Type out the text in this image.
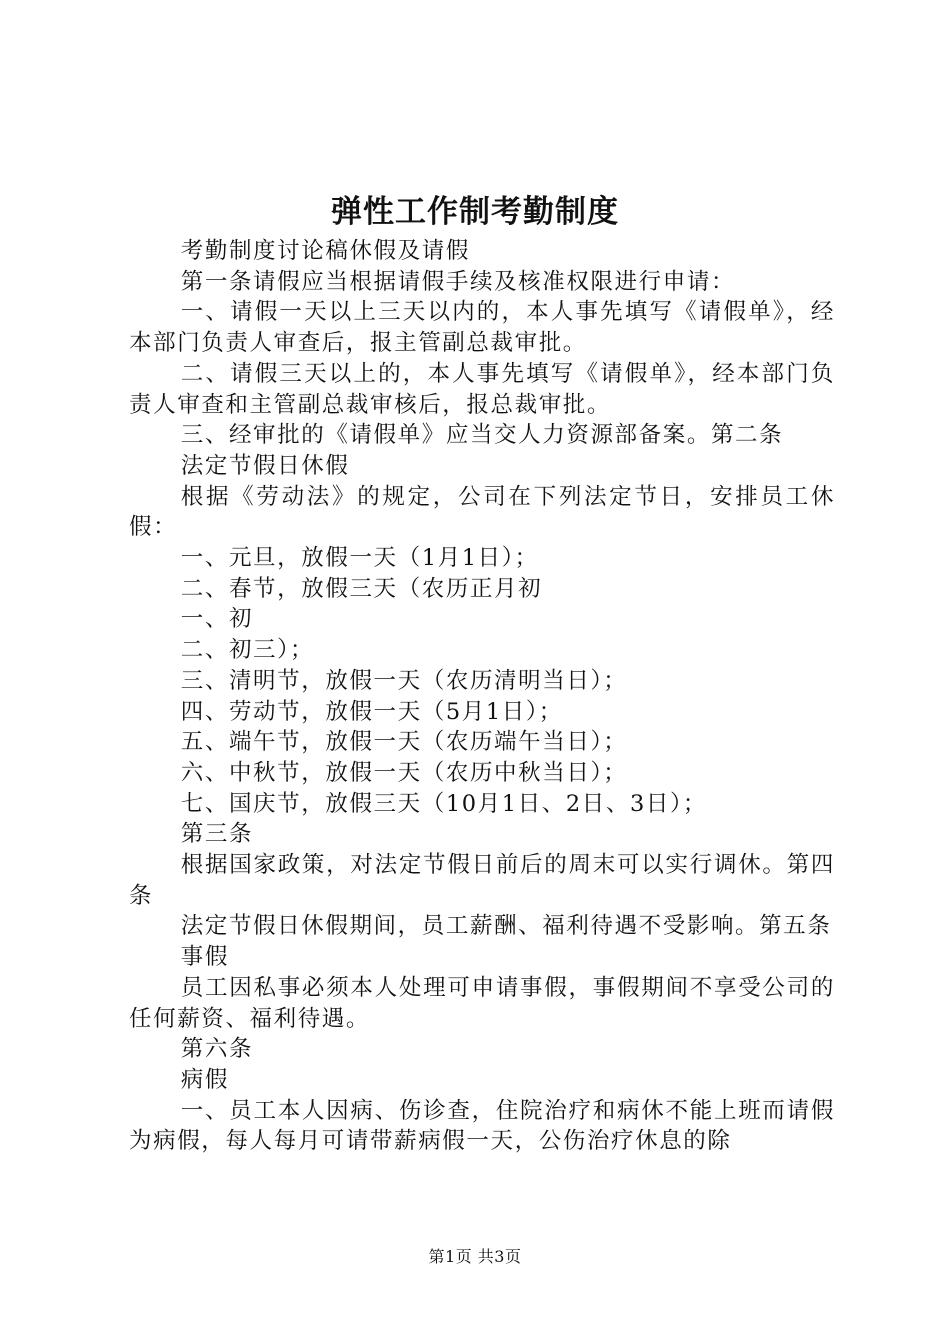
弹性工作制考勤制度

考勤制度讨论稿休假及请假

第一条请假应当根据请假手续及核准权限进行申请：

一、请假一天以上三天以内的，本人事先填写《请假单》，经本部门负责人审查后，报主管副总裁审批。

二、请假三天以上的，本人事先填写《请假单》，经本部门负责人审查和主管副总裁审核后，报总裁审批。

三、经审批的《请假单》应当交人力资源部备案。第二条

法定节假日休假

根据《劳动法》的规定，公司在下列法定节日，安排员工休假：

一、元旦，放假一天（1月1日）；

二、春节，放假三天（农历正月初

一、初

二、初三）；

三、清明节，放假一天（农历清明当日）；

四、劳动节，放假一天（5月1日）；

五、端午节，放假一天（农历端午当日）；

六、中秋节，放假一天（农历中秋当日）；

七、国庆节，放假三天（10月1日、2日、3日）；

第三条

根据国家政策，对法定节假日前后的周末可以实行调休。第四条

法定节假日休假期间，员工薪酬、福利待遇不受影响。第五条

事假

员工因私事必须本人处理可申请事假，事假期间不享受公司的任何薪资、福利待遇。

第六条

病假

一、员工本人因病、伤诊查，住院治疗和病休不能上班而请假为病假，每人每月可请带薪病假一天，公伤治疗休息的除

第1页 共3页
